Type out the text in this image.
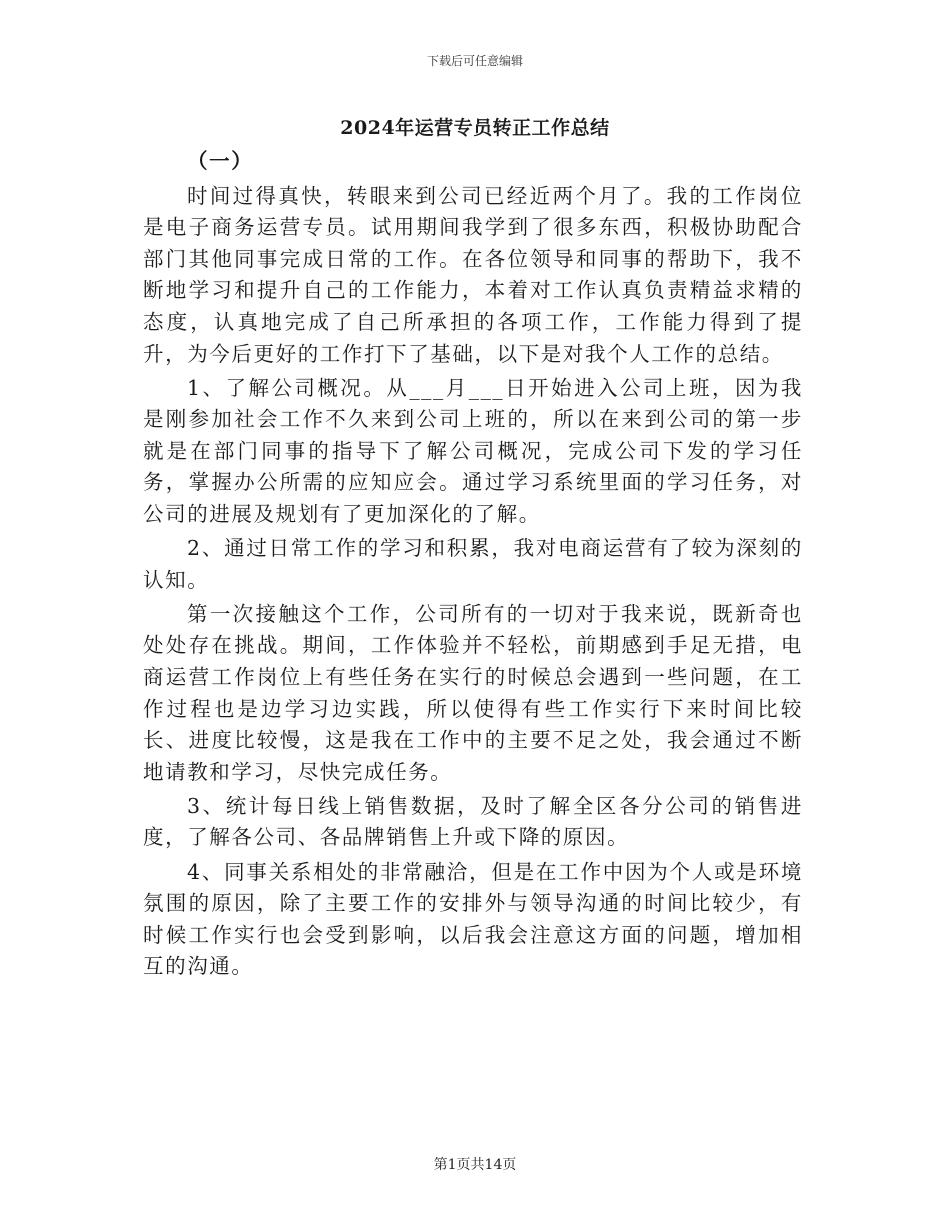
下载后可任意编辑
2024年运营专员转正工作总结

（一）

时间过得真快，转眼来到公司已经近两个月了。我的工作岗位是电子商务运营专员。试用期间我学到了很多东西，积极协助配合部门其他同事完成日常的工作。在各位领导和同事的帮助下，我不断地学习和提升自己的工作能力，本着对工作认真负责精益求精的态度，认真地完成了自己所承担的各项工作，工作能力得到了提升，为今后更好的工作打下了基础，以下是对我个人工作的总结。

1、了解公司概况。从___月___日开始进入公司上班，因为我是刚参加社会工作不久来到公司上班的，所以在来到公司的第一步就是在部门同事的指导下了解公司概况，完成公司下发的学习任务，掌握办公所需的应知应会。通过学习系统里面的学习任务，对公司的进展及规划有了更加深化的了解。

2、通过日常工作的学习和积累，我对电商运营有了较为深刻的认知。

第一次接触这个工作，公司所有的一切对于我来说，既新奇也处处存在挑战。期间，工作体验并不轻松，前期感到手足无措，电商运营工作岗位上有些任务在实行的时候总会遇到一些问题，在工作过程也是边学习边实践，所以使得有些工作实行下来时间比较长、进度比较慢，这是我在工作中的主要不足之处，我会通过不断地请教和学习，尽快完成任务。

3、统计每日线上销售数据，及时了解全区各分公司的销售进度，了解各公司、各品牌销售上升或下降的原因。

4、同事关系相处的非常融洽，但是在工作中因为个人或是环境氛围的原因，除了主要工作的安排外与领导沟通的时间比较少，有时候工作实行也会受到影响，以后我会注意这方面的问题，增加相互的沟通。

第1页共14页
